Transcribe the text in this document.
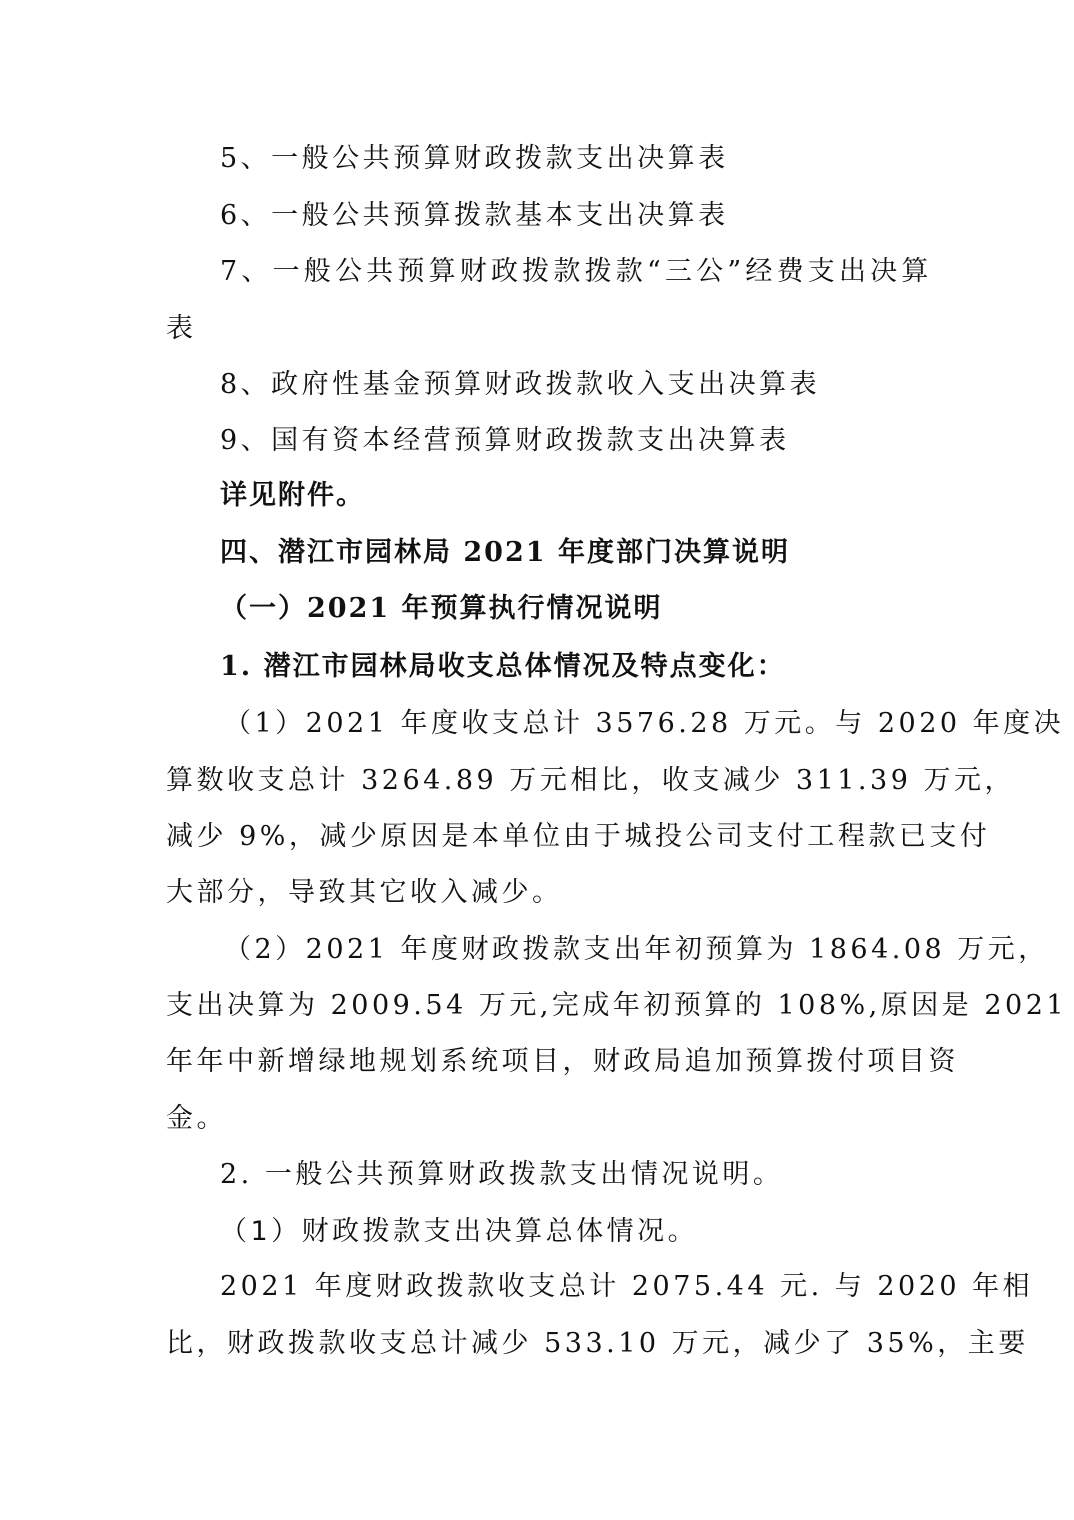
5、一般公共预算财政拨款支出决算表
6、一般公共预算拨款基本支出决算表
7、一般公共预算财政拨款拨款“三公”经费支出决算
表
8、政府性基金预算财政拨款收入支出决算表
9、国有资本经营预算财政拨款支出决算表
详见附件。
四、潜江市园林局 2021 年度部门决算说明
（一）2021 年预算执行情况说明
1. 潜江市园林局收支总体情况及特点变化：
（1）2021 年度收支总计 3576.28 万元。与 2020 年度决
算数收支总计 3264.89 万元相比，收支减少 311.39 万元，
减少 9%，减少原因是本单位由于城投公司支付工程款已支付
大部分，导致其它收入减少。
（2）2021 年度财政拨款支出年初预算为 1864.08 万元，
支出决算为 2009.54 万元,完成年初预算的 108%,原因是 2021
年年中新增绿地规划系统项目，财政局追加预算拨付项目资
金。
2. 一般公共预算财政拨款支出情况说明。
（1）财政拨款支出决算总体情况。
2021 年度财政拨款收支总计 2075.44 元. 与 2020 年相
比，财政拨款收支总计减少 533.10 万元，减少了 35%，主要
